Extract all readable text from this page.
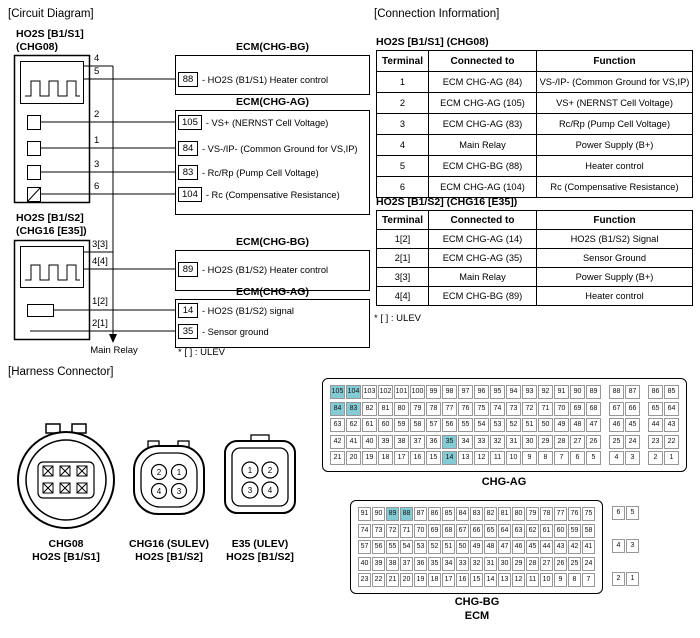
[Circuit Diagram]	[Connection Information]
[Harness Connector]
HO2S [B1/S1]
(CHG08)
HO2S [B1/S2]
(CHG16 [E35])
ECM(CHG-BG)
ECM(CHG-AG)
ECM(CHG-BG)
ECM(CHG-AG)
88 - HO2S (B1/S1) Heater control
105 - VS+ (NERNST Cell Voltage)
84 - VS-/IP- (Common Ground for VS,IP)
83 - Rc/Rp (Pump Cell Voltage)
104 - Rc (Compensative Resistance)
89 - HO2S (B1/S2) Heater control
14 - HO2S (B1/S2) signal
35 - Sensor ground
4
5
2
1
3
6
3[3]
4[4]
1[2]
2[1]
Main Relay	* [ ] : ULEV
HO2S [B1/S1] (CHG08)
Terminal	Connected to	Function
1	ECM CHG-AG (84)	VS-/IP- (Common Ground for VS,IP)
2	ECM CHG-AG (105)	VS+ (NERNST Cell Voltage)
3	ECM CHG-AG (83)	Rc/Rp (Pump Cell Voltage)
4	Main Relay	Power Supply (B+)
5	ECM CHG-BG (88)	Heater control
6	ECM CHG-AG (104)	Rc (Compensative Resistance)
HO2S [B1/S2] (CHG16 [E35])
Terminal	Connected to	Function
1[2]	ECM CHG-AG (14)	HO2S (B1/S2) Signal
2[1]	ECM CHG-AG (35)	Sensor Ground
3[3]	Main Relay	Power Supply (B+)
4[4]	ECM CHG-BG (89)	Heater control
* [ ] : ULEV
2 1
4 3
1 2
3 4
CHG08
HO2S [B1/S1]
CHG16 (SULEV)
HO2S [B1/S2]
E35 (ULEV)
HO2S [B1/S2]
105 104 103 102 101 100 99	98	97	96	95	94	93	92	91	90	89	88	87	86	85
84	83	82	81	80	79	78	77	76	75	74	73	72	71	70	69	68	67	66	65	64
63	62	61	60	59	58	57	56	55	54	53	52	51	50	49	48	47	46	45	44	43
42	41	40	39	38	37	36	35	34	33	32	31	30	29	28	27	26	25	24	23	22
21	20	19	18	17	16	15	14	13	12	11	10	9	8	7	6	5	4	3	2	1
CHG-AG
91 90 89 88 87 86 85 84 83 82 81 80 79 78 77 76 75
74 73 72 71 70 69 68 67 66 65 64 63 62 61 60 59 58
57 56 55 54 53 52 51 50 49 48 47 46 45 44 43 42 41
40 39 38 37 36 35 34 33 32 31 30 29 28 27 26 25 24
23 22 21 20 19 18 17 16 15 14 13 12 11 10	9	8	7
6	5
4	3
2	1
CHG-BG
ECM
